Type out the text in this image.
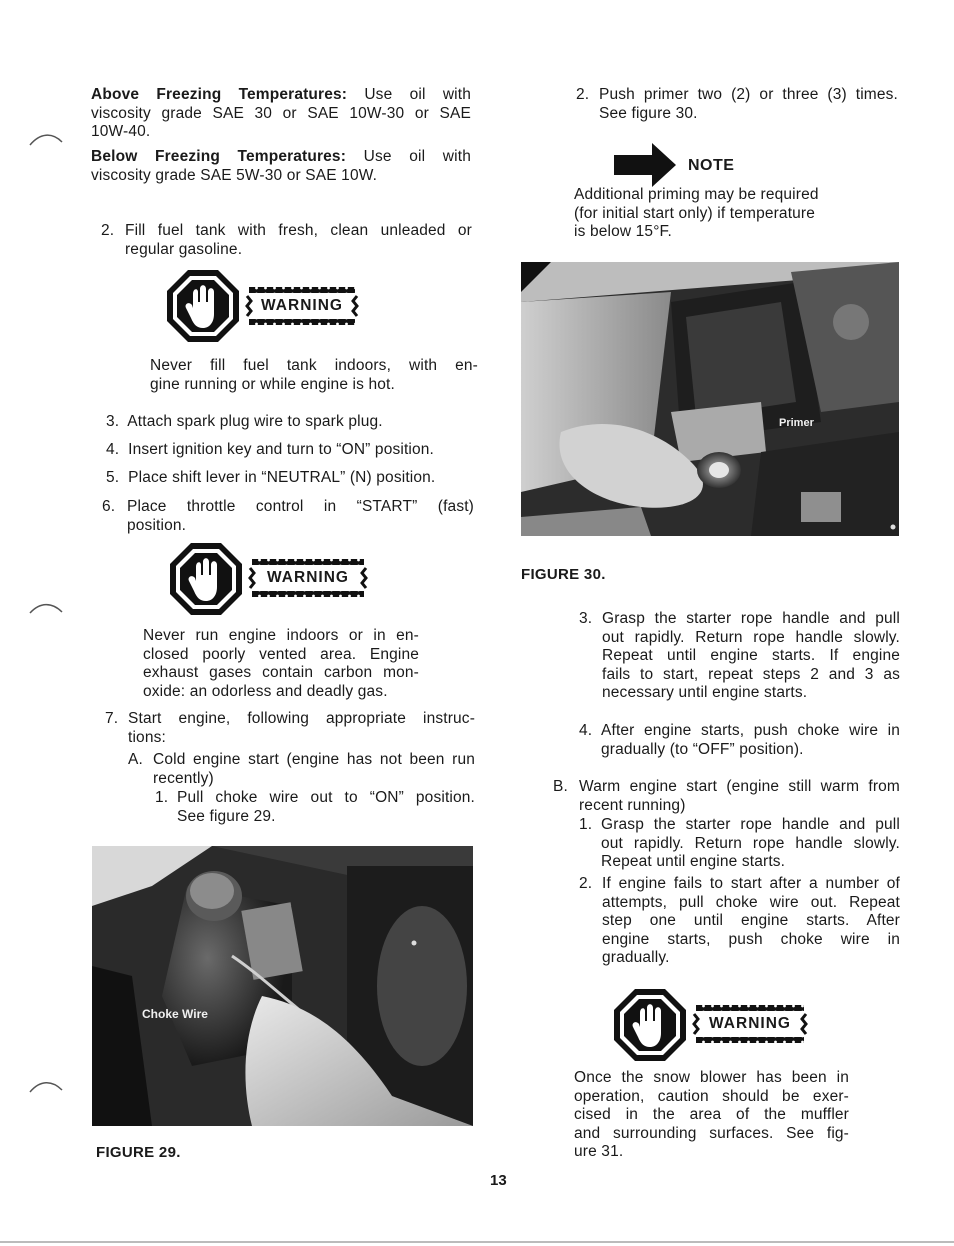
Above Freezing Temperatures: Use oil with

viscosity grade SAE 30 or SAE 10W-30 or SAE

10W-40.

Below Freezing Temperatures: Use oil with

viscosity grade SAE 5W-30 or SAE 10W.

2. Fill fuel tank with fresh, clean unleaded or

regular gasoline.

WARNING

Never fill fuel tank indoors, with en-

gine running or while engine is hot.

3. Attach spark plug wire to spark plug.
4. Insert ignition key and turn to “ON” position.
5. Place shift lever in “NEUTRAL” (N) position.
6. Place throttle control in “START” (fast)

position.

WARNING

Never run engine indoors or in en-

closed poorly vented area. Engine

exhaust gases contain carbon mon-

oxide: an odorless and deadly gas.

7. Start engine, following appropriate instruc-

tions:

A. Cold engine start (engine has not been run

recently)

1. Pull choke wire out to “ON” position.

See figure 29.

Choke Wire
FIGURE 29.
2. Push primer two (2) or three (3) times.

See figure 30.

NOTE

Additional priming may be required

(for initial start only) if temperature

is below 15°F.

Primer
FIGURE 30.
3. Grasp the starter rope handle and pull

out rapidly. Return rope handle slowly.

Repeat until engine starts. If engine

fails to start, repeat steps 2 and 3 as

necessary until engine starts.

4. After engine starts, push choke wire in

gradually (to “OFF” position).

B. Warm engine start (engine still warm from

recent running)

1. Grasp the starter rope handle and pull

out rapidly. Return rope handle slowly.

Repeat until engine starts.

2. If engine fails to start after a number of

attempts, pull choke wire out. Repeat

step one until engine starts. After

engine starts, push choke wire in

gradually.

WARNING

Once the snow blower has been in

operation, caution should be exer-

cised in the area of the muffler

and surrounding surfaces. See fig-

ure 31.

13
